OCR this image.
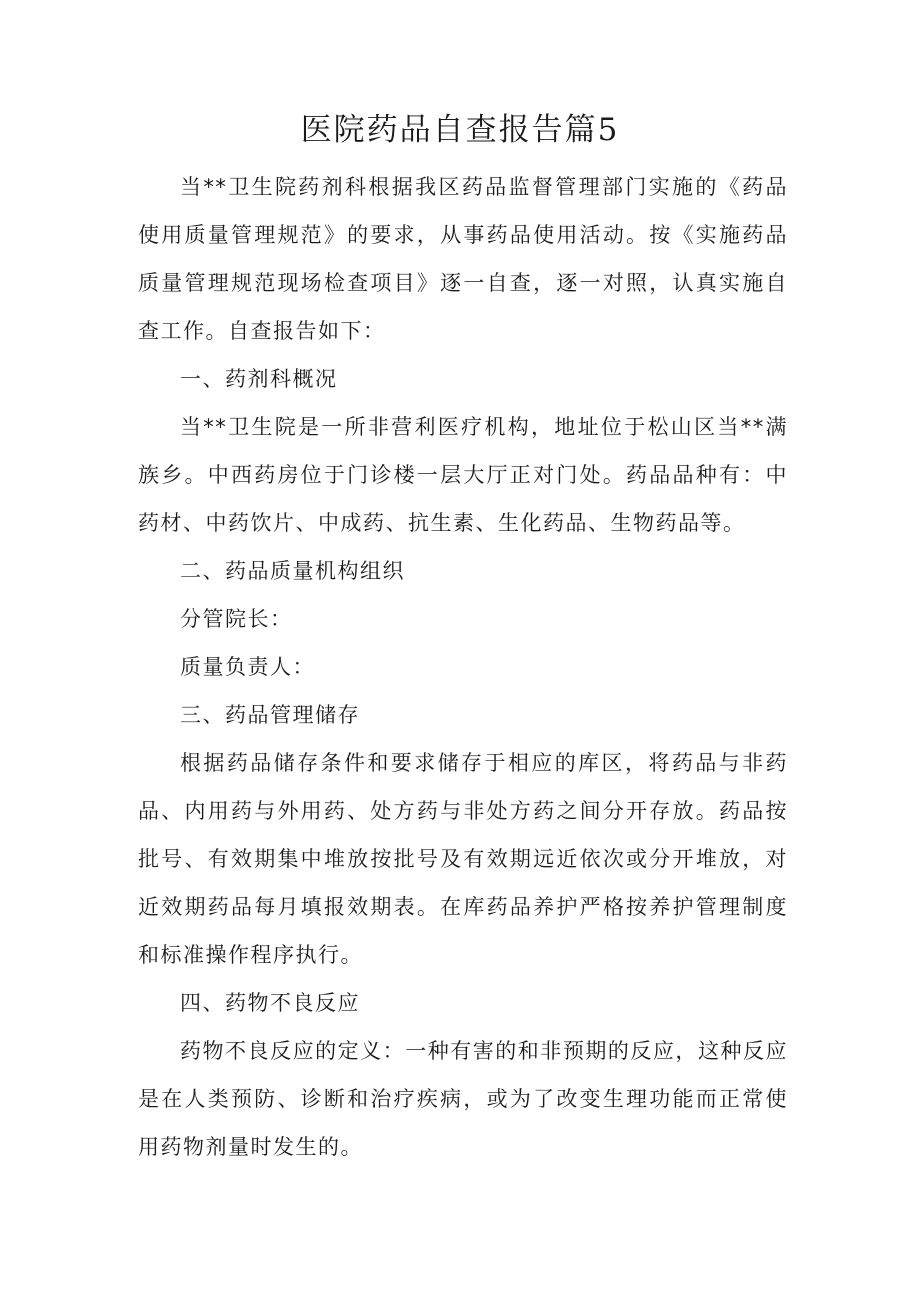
医院药品自查报告篇5

当**卫生院药剂科根据我区药品监督管理部门实施的《药品使用质量管理规范》的要求，从事药品使用活动。按《实施药品质量管理规范现场检查项目》逐一自查，逐一对照，认真实施自查工作。自查报告如下：

一、药剂科概况

当**卫生院是一所非营利医疗机构，地址位于松山区当**满族乡。中西药房位于门诊楼一层大厅正对门处。药品品种有：中药材、中药饮片、中成药、抗生素、生化药品、生物药品等。

二、药品质量机构组织

分管院长：

质量负责人：

三、药品管理储存

根据药品储存条件和要求储存于相应的库区，将药品与非药品、内用药与外用药、处方药与非处方药之间分开存放。药品按批号、有效期集中堆放按批号及有效期远近依次或分开堆放，对近效期药品每月填报效期表。在库药品养护严格按养护管理制度和标准操作程序执行。

四、药物不良反应

药物不良反应的定义：一种有害的和非预期的反应，这种反应是在人类预防、诊断和治疗疾病，或为了改变生理功能而正常使用药物剂量时发生的。
